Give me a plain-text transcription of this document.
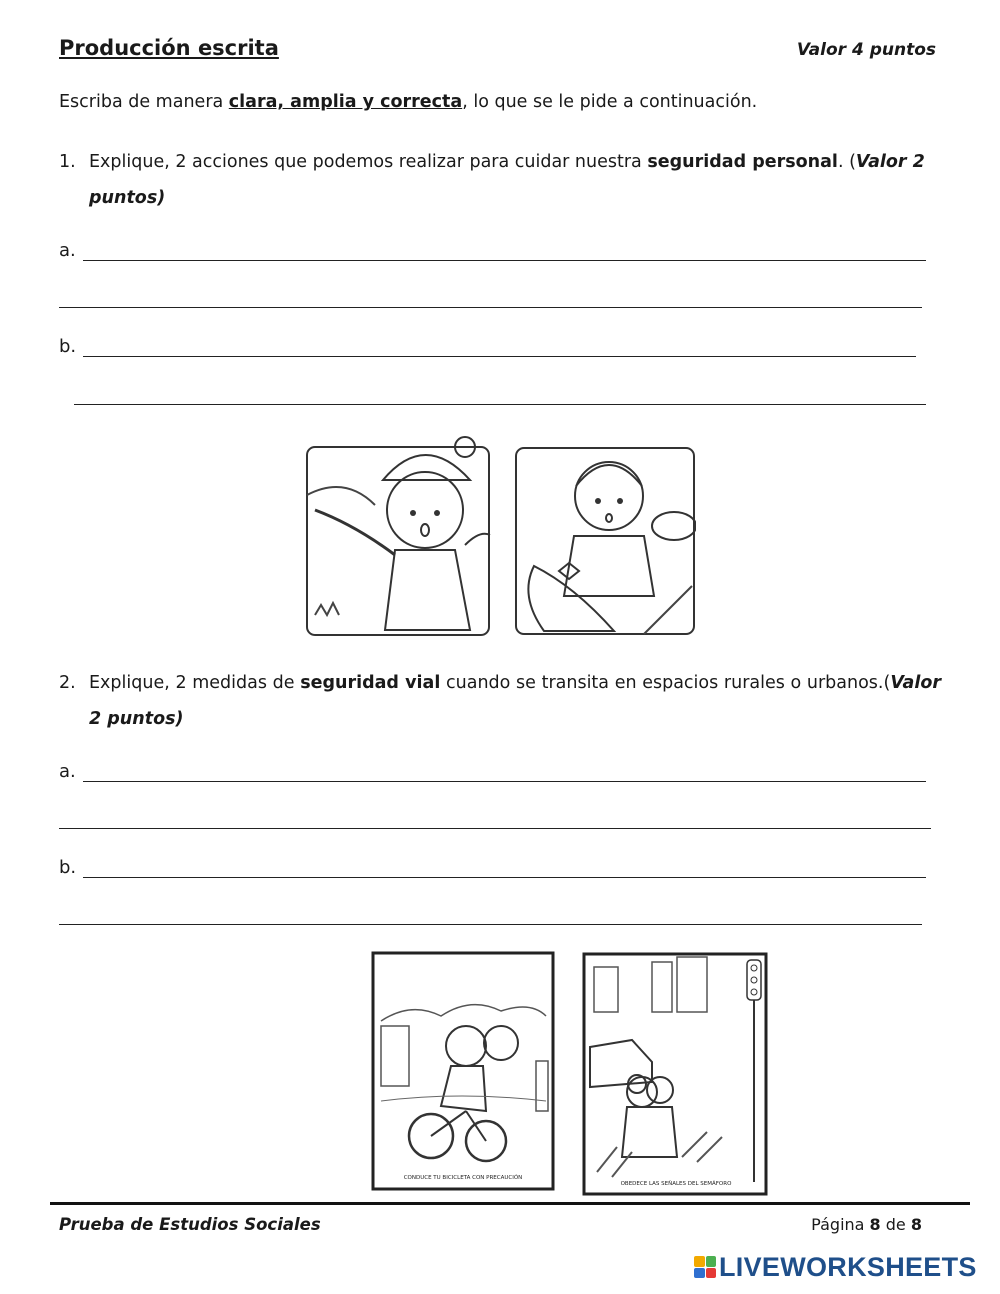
Producción escrita	Valor 4 puntos
Escriba de manera clara, amplia y correcta, lo que se le pide a continuación.
1. Explique, 2 acciones que podemos realizar para cuidar nuestra seguridad personal. (Valor 2 puntos)
a.
b.
2. Explique, 2 medidas de seguridad vial cuando se transita en espacios rurales o urbanos.(Valor 2 puntos)
a.
b.
CONDUCE TU BICICLETA CON PRECAUCIÓN
OBEDECE LAS SEÑALES DEL SEMÁFORO
Prueba de Estudios Sociales	Página 8 de 8
LIVEWORKSHEETS
